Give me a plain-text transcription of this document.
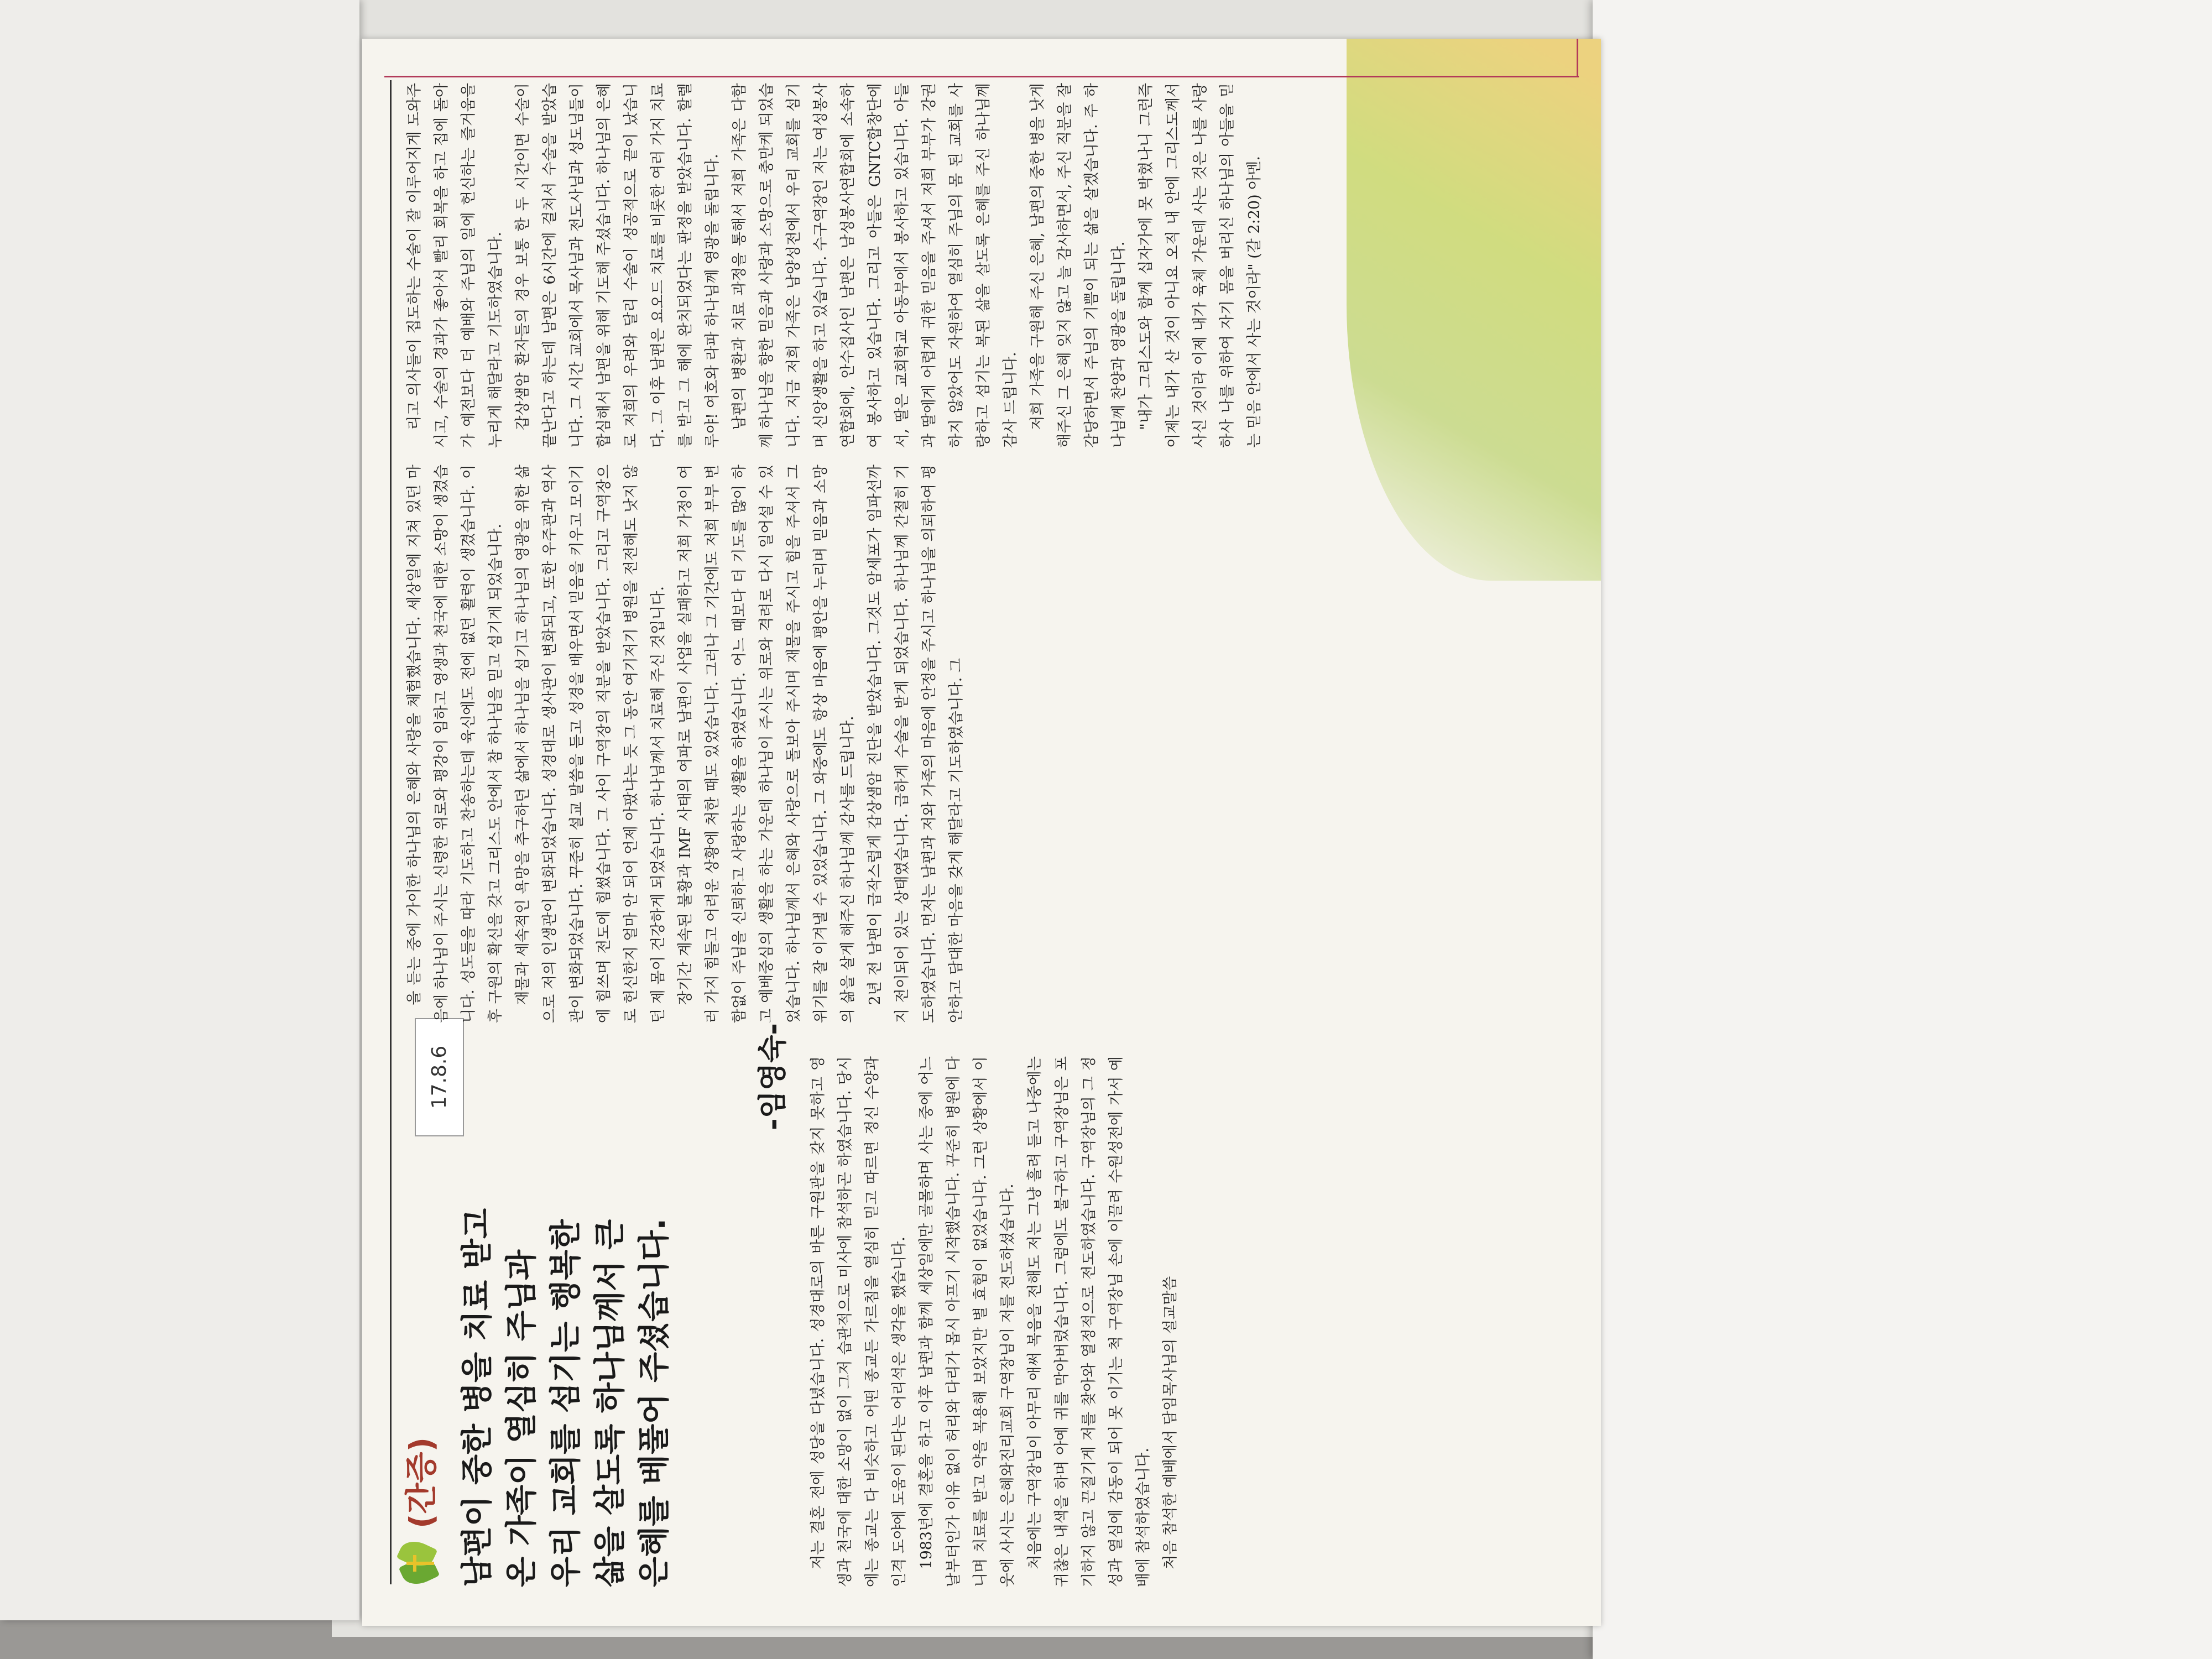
(간증) 남편이 중한 병을 치료 받고 온 가족이 열심히 주님과 우리 교회를 섬기는 행복한 삶을 살도록 하나님께서 큰 은혜를 베풀어 주셨습니다.
-임영숙-
17.8.6	저는 결혼 전에 성당을 다녔습니다. 성경대로의 바른 구원관을 갖지 못하고 영생과 천국에 대한 소망이 없이 그저 습관적으로 미사에 참석하곤 하였습니다. 당시에는 종교는 다 비슷하고 어떤 종교든 가르침을 열심히 믿고 따르면 정신 수양과 인격 도야에 도움이 된다는 어리석은 생각을 했습니다. 1983년에 결혼을 하고 이후 남편과 함께 세상일에만 골몰하며 사는 중에 어느 날부터인가 이유 없이 허리와 다리가 몹시 아프기 시작했습니다. 꾸준히 병원에 다니며 치료를 받고 약을 복용해 보았지만 별 효험이 없었습니다. 그런 상황에서 이웃에 사시는 은혜와진리교회 구역장님이 저를 전도하셨습니다. 처음에는 구역장님이 아무리 애써 복음을 전해도 저는 그냥 흘려 듣고 나중에는 귀찮은 내색을 하며 아예 귀를 막아버렸습니다. 그럼에도 불구하고 구역장님은 포기하지 않고 끈질기게 저를 찾아와 열정적으로 전도하였습니다. 구역장님의 그 정성과 열심에 감동이 되어 못 이기는 척 구역장님 손에 이끌려 수원성전에 가서 예배에 참석하였습니다. 처음 참석한 예배에서 담임목사님의 설교말씀

을 듣는 중에 가이한 하나님의 은혜와 사랑을 체험했습니다. 세상일에 지쳐 있던 마음에 하나님이 주시는 신령한 위로와 평강이 임하고 영생과 천국에 대한 소망이 생겼습니다. 성도들을 따라 기도하고 찬송하는데 육신에도 전에 없던 활력이 생겼습니다. 이후 구원의 확신을 갖고 그리스도 안에서 참 하나님을 믿고 섬기게 되었습니다. 재물과 세속적인 욕망을 추구하던 삶에서 하나님을 섬기고 하나님의 영광을 위한 삶으로 저의 인생관이 변화되었습니다. 성경대로 생사관이 변화되고, 또한 우주관과 역사관이 변화되었습니다. 꾸준히 설교 말씀을 듣고 성경을 배우면서 믿음을 키우고 모이기에 힘쓰며 전도에 힘썼습니다. 그 사이 구역장의 직분을 받았습니다. 그리고 구역장으로 헌신한지 얼마 안 되어 언제 아팠냐는 듯 그 동안 여기저기 병원을 전전해도 낫지 않던 제 몸이 건강하게 되었습니다. 하나님께서 치료해 주신 것입니다. 장기간 계속된 불황과 IMF 사태의 여파로 남편이 사업을 실패하고 저희 가정이 여러 가지 힘들고 어려운 상황에 처한 때도 있었습니다. 그러나 그 기간에도 저희 부부 변함없이 주님을 신뢰하고 사랑하는 생활을 하였습니다. 어느 때보다 더 기도를 많이 하고 예배중심의 생활을 하는 가운데 하나님이 주시는 위로와 격려로 다시 일어설 수 있었습니다. 하나님께서 은혜와 사랑으로 돌보아 주시며 재물을 주시고 힘을 주셔서 그 위기를 잘 이겨낼 수 있었습니다. 그 와중에도 항상 마음에 평안을 누리며 믿음과 소망의 삶을 살게 해주신 하나님께 감사를 드립니다. 2년 전 남편이 급작스럽게 갑상샘암 진단을 받았습니다. 그것도 암세포가 임파선까지 전이되어 있는 상태였습니다. 급하게 수술을 받게 되었습니다. 하나님께 간절히 기도하였습니다. 먼저는 남편과 저와 가족의 마음에 안정을 주시고 하나님을 의뢰하여 평안하고 담대한 마음을 갖게 해달라고 기도하였습니다. 그

리고 의사들이 집도하는 수술이 잘 이루어지게 도와주시고, 수술의 경과가 좋아서 빨리 회복을 하고 집에 돌아가 예전보다 더 예배와 주님의 일에 헌신하는 즐거움을 누리게 해달라고 기도하였습니다. 갑상샘암 환자들의 경우 보통 한 두 시간이면 수술이 끝난다고 하는데 남편은 6시간에 걸쳐서 수술을 받았습니다. 그 시간 교회에서 목사님과 전도사님과 성도님들이 합심해서 남편을 위해 기도해 주셨습니다. 하나님의 은혜로 저희의 우려와 달리 수술이 성공적으로 끝이 났습니다. 그 이후 남편은 요오드 치료를 비롯한 여러 가지 치료를 받고 그 해에 완치되었다는 판정을 받았습니다. 할렐루야! 여호와 라파 하나님께 영광을 돌립니다. 남편의 병환과 치료 과정을 통해서 저희 가족은 다함께 하나님을 향한 믿음과 사랑과 소망으로 충만케 되었습니다. 지금 저희 가족은 남양성전에서 우리 교회를 섬기며 신앙생활을 하고 있습니다. 수구역장인 저는 여성봉사연합회에, 안수집사인 남편은 남성봉사연합회에 소속하여 봉사하고 있습니다. 그리고 아들은 GNTC합창단에서, 딸은 교회학교 아동부에서 봉사하고 있습니다. 아들과 딸에게 어렵게 귀한 믿음을 주셔서 저희 부부가 강권하지 않았어도 자원하여 열심히 주님의 몸 된 교회를 사랑하고 섬기는 복된 삶을 살도록 은혜를 주신 하나님께 감사 드립니다. 저희 가족을 구원해 주신 은혜, 남편의 중한 병을 낫게 해주신 그 은혜 잊지 않고 늘 감사하면서, 주신 직분을 잘 감당하면서 주님의 기쁨이 되는 삶을 살겠습니다. 주 하나님께 찬양과 영광을 돌립니다. "내가 그리스도와 함께 십자가에 못 박혔나니 그런즉 이제는 내가 산 것이 아니요 오직 내 안에 그리스도께서 사신 것이라 이제 내가 육체 가운데 사는 것은 나를 사랑하사 나를 위하여 자기 몸을 버리신 하나님의 아들을 믿는 믿음 안에서 사는 것이라" (갈 2:20) 아멘.
